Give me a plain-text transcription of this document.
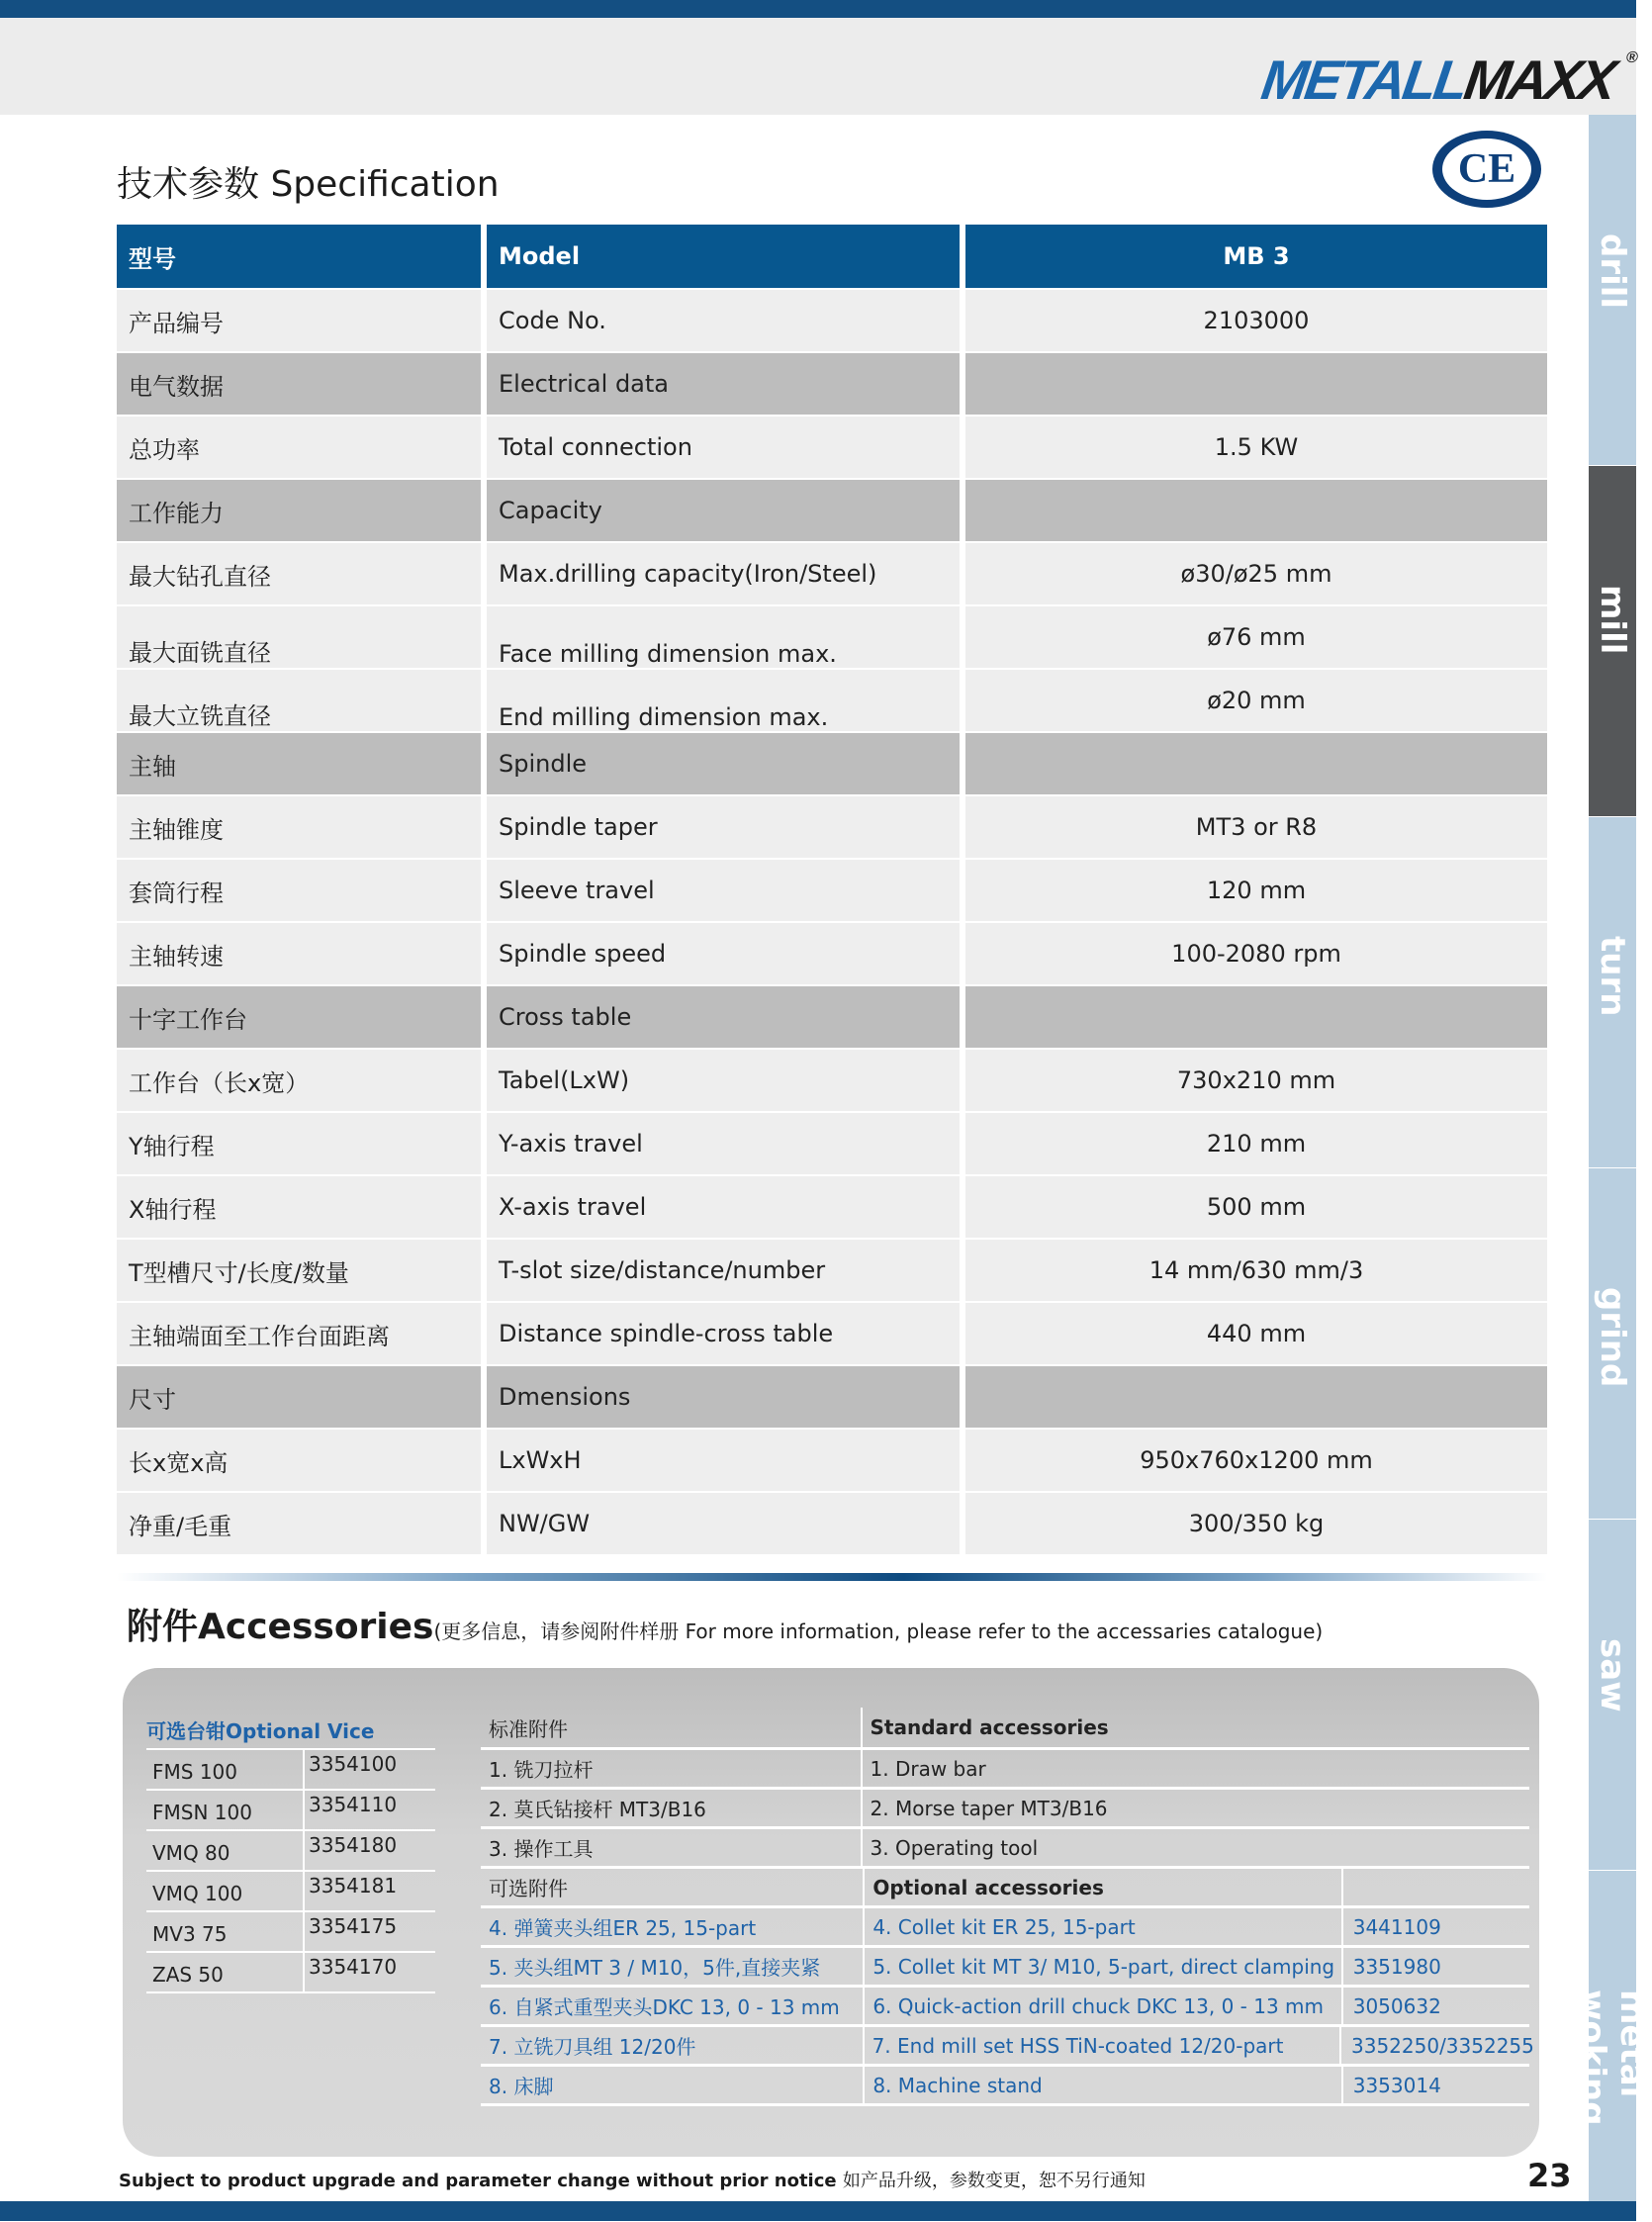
METALLMAXX ®
技术参数 Specification	CE
型号	Model	MB 3
产品编号	Code No.	2103000
电气数据	Electrical data	
总功率	Total connection	1.5 KW
工作能力	Capacity	
最大钻孔直径	Max.drilling capacity(Iron/Steel)	ø30/ø25 mm
最大面铣直径	Face milling dimension max.	ø76 mm
最大立铣直径	End milling dimension max.	ø20 mm
主轴	Spindle	
主轴锥度	Spindle taper	MT3 or R8
套筒行程	Sleeve travel	120 mm
主轴转速	Spindle speed	100-2080 rpm
十字工作台	Cross table	
工作台（长x宽）	Tabel(LxW)	730x210 mm
Y轴行程	Y-axis travel	210 mm
X轴行程	X-axis travel	500 mm
T型槽尺寸/长度/数量	T-slot size/distance/number	14 mm/630 mm/3
主轴端面至工作台面距离	Distance spindle-cross table	440 mm
尺寸	Dmensions	
长x宽x高	LxWxH	950x760x1200 mm
净重/毛重	NW/GW	300/350 kg
drill
mill
turn
grind
saw
metal woking
附件Accessories(更多信息，请参阅附件样册 For more information, please refer to the accessaries catalogue)
可选台钳Optional Vice
FMS 100	3354100
FMSN 100	3354110
VMQ 80	3354180
VMQ 100	3354181
MV3 75	3354175
ZAS 50	3354170
标准附件	Standard accessories
1. 铣刀拉杆	1. Draw bar
2. 莫氏钻接杆 MT3/B16	2. Morse taper MT3/B16
3. 操作工具	3. Operating tool
可选附件	Optional accessories
4. 弹簧夹头组ER 25, 15-part	4. Collet kit ER 25, 15-part	3441109
5. 夹头组MT 3 / M10，5件,直接夹紧	5. Collet kit MT 3/ M10, 5-part, direct clamping 3351980
6. 自紧式重型夹头DKC 13, 0 - 13 mm	6. Quick-action drill chuck DKC 13, 0 - 13 mm	3050632
7. 立铣刀具组 12/20件	7. End mill set HSS TiN-coated 12/20-part	3352250/3352255
8. 床脚	8. Machine stand	3353014
Subject to product upgrade and parameter change without prior notice 如产品升级，参数变更，恕不另行通知	23
